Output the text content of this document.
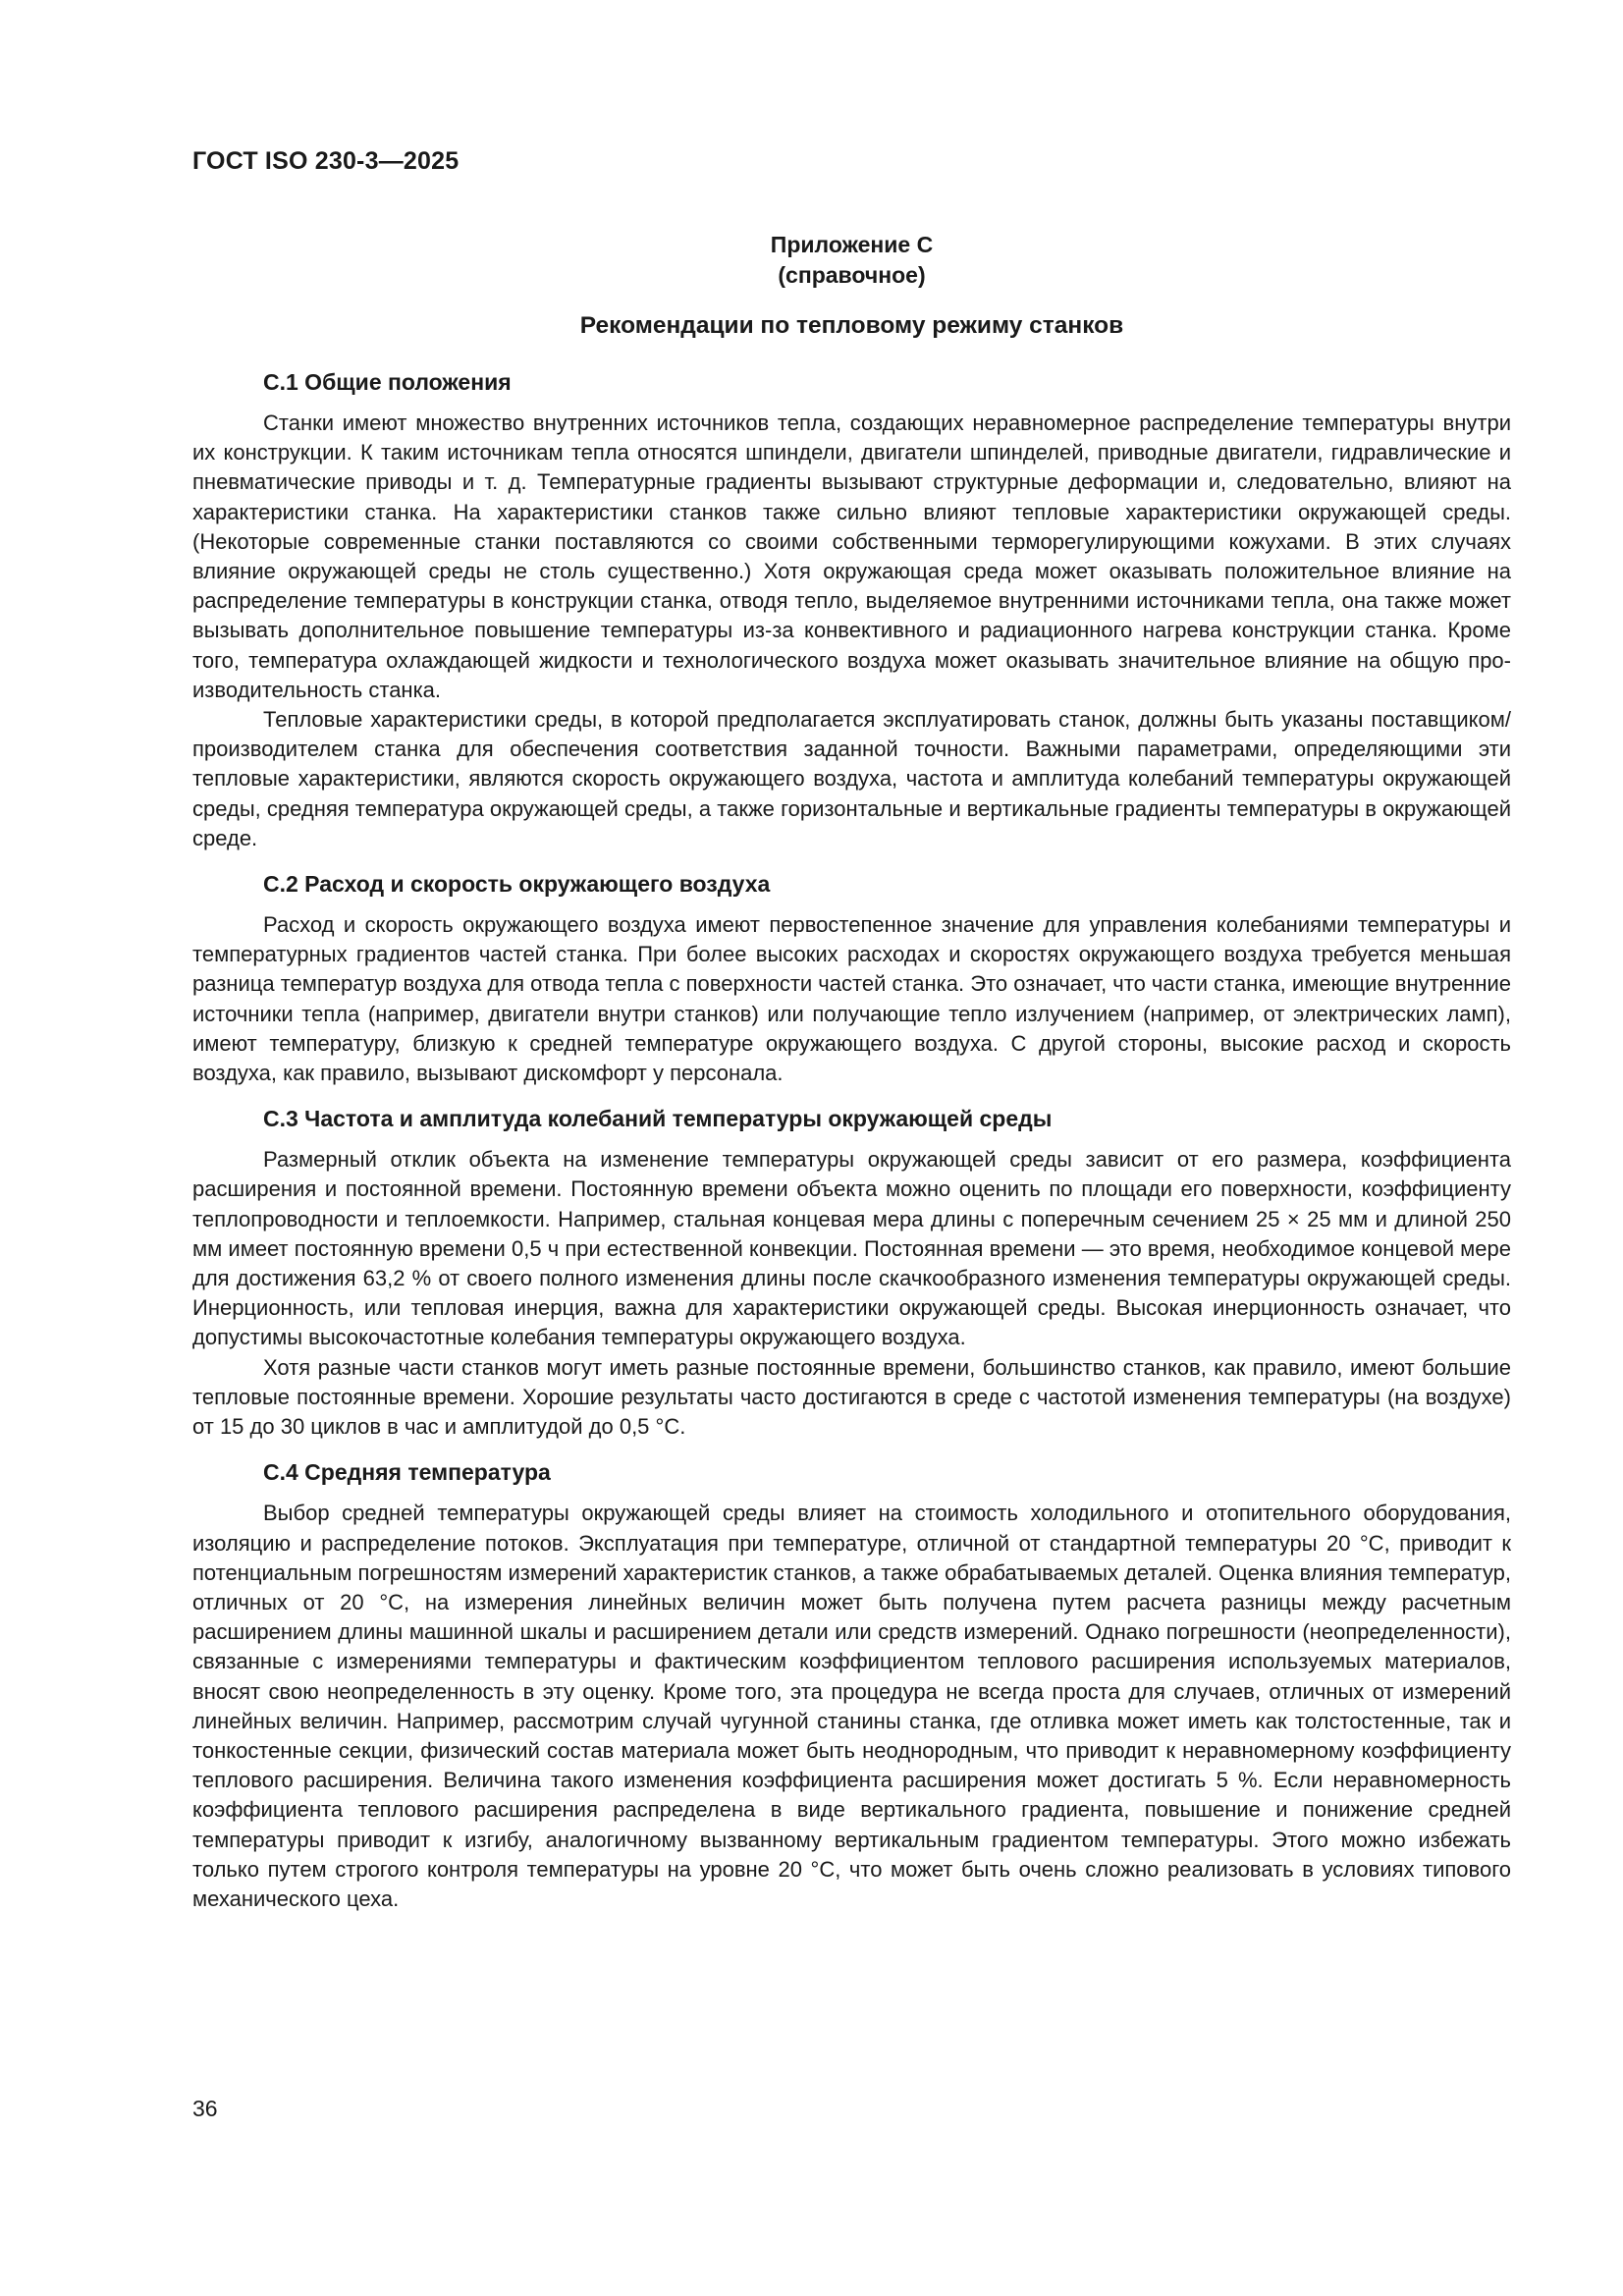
ГОСТ ISO 230-3—2025
Приложение С
(справочное)
Рекомендации по тепловому режиму станков
С.1 Общие положения

Станки имеют множество внутренних источников тепла, создающих неравномерное распределение температуры внутри их конструкции. К таким источникам тепла относятся шпиндели, двигатели шпинделей, приводные двигатели, гидравлические и пневматические приводы и т. д. Температурные градиенты вызывают структурные деформации и, следовательно, влияют на характеристики станка. На характеристики станков также сильно влияют тепловые характеристики окружающей среды. (Некоторые современные станки поставляются со своими собственными терморегулирующими кожухами. В этих случаях влияние окружающей среды не столь существенно.) Хотя окружающая среда может оказывать положительное влияние на распределение температуры в конструкции станка, отводя тепло, выделяемое внутренними источниками тепла, она также может вызывать дополнительное повышение температуры из-за конвективного и радиационного нагрева конструкции станка. Кроме того, температура охлаждающей жидкости и технологического воздуха может оказывать значительное влияние на общую производительность станка.

Тепловые характеристики среды, в которой предполагается эксплуатировать станок, должны быть указаны поставщиком/производителем станка для обеспечения соответствия заданной точности. Важными параметрами, определяющими эти тепловые характеристики, являются скорость окружающего воздуха, частота и амплитуда колебаний температуры окружающей среды, средняя температура окружающей среды, а также горизонтальные и вертикальные градиенты температуры в окружающей среде.

С.2 Расход и скорость окружающего воздуха

Расход и скорость окружающего воздуха имеют первостепенное значение для управления колебаниями температуры и температурных градиентов частей станка. При более высоких расходах и скоростях окружающего воздуха требуется меньшая разница температур воздуха для отвода тепла с поверхности частей станка. Это означает, что части станка, имеющие внутренние источники тепла (например, двигатели внутри станков) или получающие тепло излучением (например, от электрических ламп), имеют температуру, близкую к средней температуре окружающего воздуха. С другой стороны, высокие расход и скорость воздуха, как правило, вызывают дискомфорт у персонала.

С.3 Частота и амплитуда колебаний температуры окружающей среды

Размерный отклик объекта на изменение температуры окружающей среды зависит от его размера, коэффициента расширения и постоянной времени. Постоянную времени объекта можно оценить по площади его поверхности, коэффициенту теплопроводности и теплоемкости. Например, стальная концевая мера длины с поперечным сечением 25 × 25 мм и длиной 250 мм имеет постоянную времени 0,5 ч при естественной конвекции. Постоянная времени — это время, необходимое концевой мере для достижения 63,2 % от своего полного изменения длины после скачкообразного изменения температуры окружающей среды. Инерционность, или тепловая инерция, важна для характеристики окружающей среды. Высокая инерционность означает, что допустимы высокочастотные колебания температуры окружающего воздуха.

Хотя разные части станков могут иметь разные постоянные времени, большинство станков, как правило, имеют большие тепловые постоянные времени. Хорошие результаты часто достигаются в среде с частотой изменения температуры (на воздухе) от 15 до 30 циклов в час и амплитудой до 0,5 °C.

С.4 Средняя температура

Выбор средней температуры окружающей среды влияет на стоимость холодильного и отопительного оборудования, изоляцию и распределение потоков. Эксплуатация при температуре, отличной от стандартной температуры 20 °C, приводит к потенциальным погрешностям измерений характеристик станков, а также обрабатываемых деталей. Оценка влияния температур, отличных от 20 °C, на измерения линейных величин может быть получена путем расчета разницы между расчетным расширением длины машинной шкалы и расширением детали или средств измерений. Однако погрешности (неопределенности), связанные с измерениями температуры и фактическим коэффициентом теплового расширения используемых материалов, вносят свою неопределенность в эту оценку. Кроме того, эта процедура не всегда проста для случаев, отличных от измерений линейных величин. Например, рассмотрим случай чугунной станины станка, где отливка может иметь как толстостенные, так и тонкостенные секции, физический состав материала может быть неоднородным, что приводит к неравномерному коэффициенту теплового расширения. Величина такого изменения коэффициента расширения может достигать 5 %. Если неравномерность коэффициента теплового расширения распределена в виде вертикального градиента, повышение и понижение средней температуры приводит к изгибу, аналогичному вызванному вертикальным градиентом температуры. Этого можно избежать только путем строгого контроля температуры на уровне 20 °C, что может быть очень сложно реализовать в условиях типового механического цеха.

36
